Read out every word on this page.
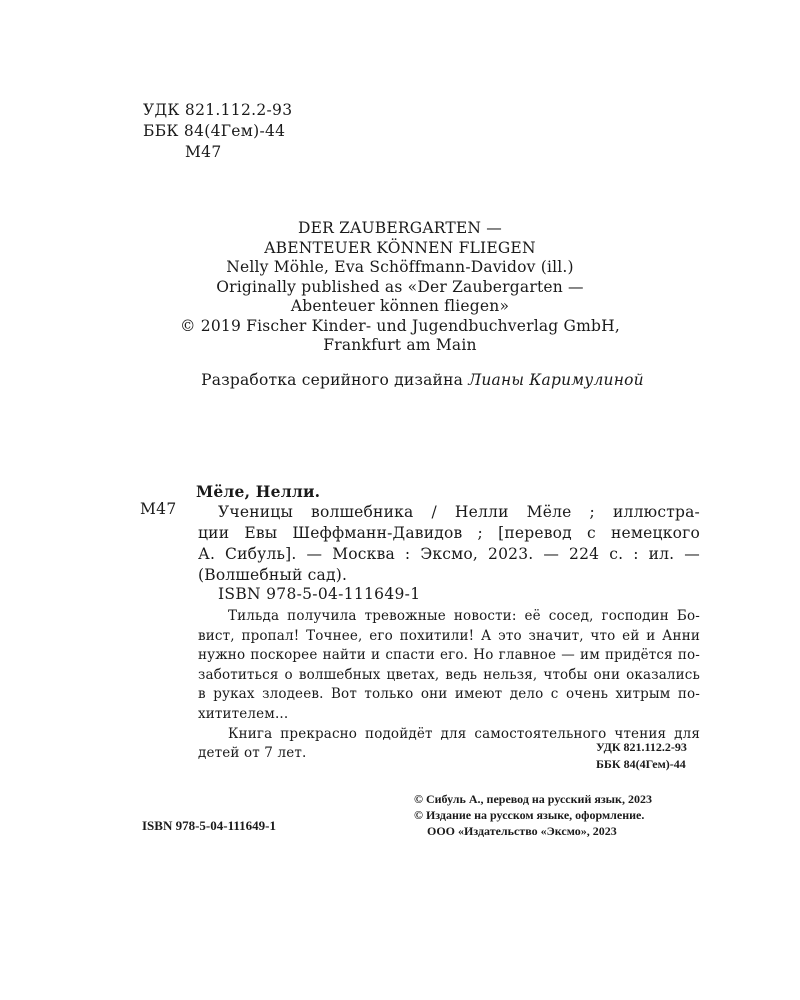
УДК 821.112.2-93
ББК 84(4Гем)-44
М47
DER ZAUBERGARTEN —
ABENTEUER KÖNNEN FLIEGEN
Nelly Möhle, Eva Schöffmann-Davidov (ill.)
Originally published as «Der Zaubergarten —
Abenteuer können fliegen»
© 2019 Fischer Kinder- und Jugendbuchverlag GmbH,
Frankfurt am Main
Разработка серийного дизайна Лианы Каримулиной
М47
Мёле, Нелли.
Ученицы волшебника / Нелли Мёле ; иллюстра-
ции Евы Шеффманн-Давидов ; [перевод с немецкого
А. Сибуль]. — Москва : Эксмо, 2023. — 224 с. : ил. —
(Волшебный сад).
ISBN 978-5-04-111649-1
Тильда получила тревожные новости: её сосед, господин Бо-
вист, пропал! Точнее, его похитили! А это значит, что ей и Анни
нужно поскорее найти и спасти его. Но главное — им придётся по-
заботиться о волшебных цветах, ведь нельзя, чтобы они оказались
в руках злодеев. Вот только они имеют дело с очень хитрым по-
хитителем...
Книга прекрасно подойдёт для самостоятельного чтения для
детей от 7 лет.	УДК 821.112.2-93
ББК 84(4Гем)-44
© Сибуль А., перевод на русский язык, 2023
© Издание на русском языке, оформление.
ООО «Издательство «Эксмо», 2023
ISBN 978-5-04-111649-1
